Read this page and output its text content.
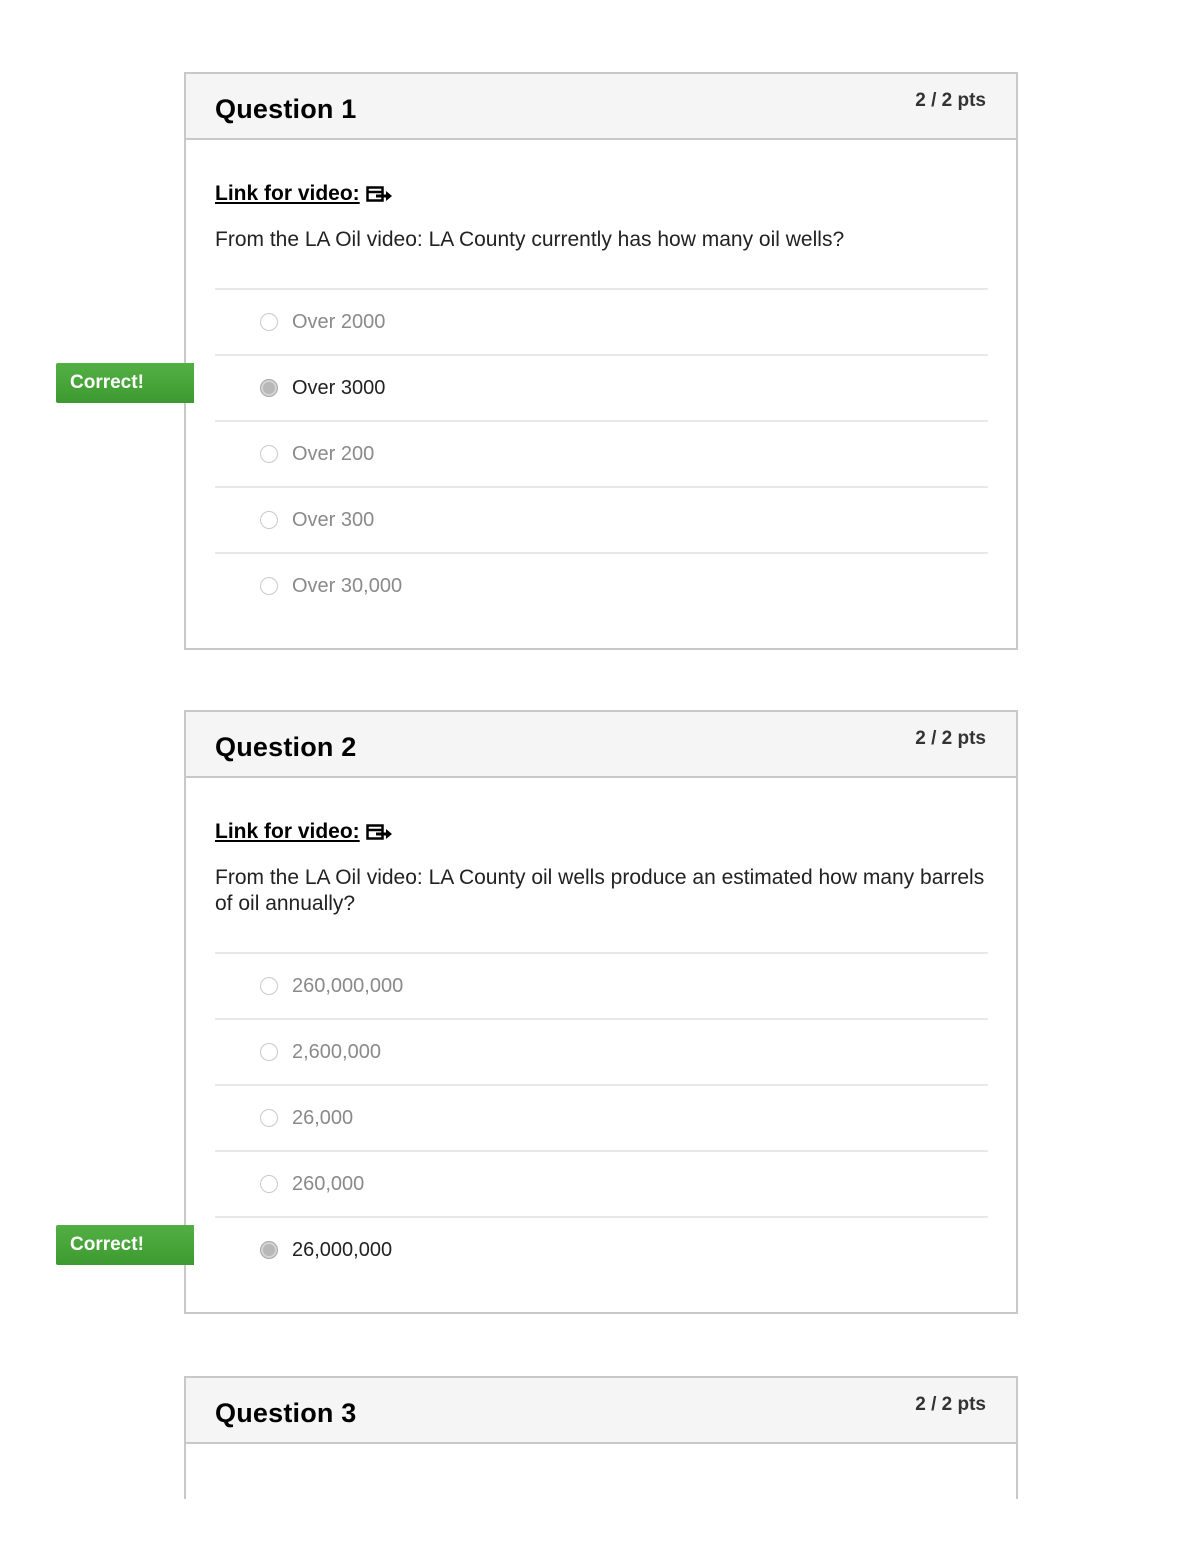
Question 1	2 / 2 pts
Link for video:
From the LA Oil video: LA County currently has how many oil wells?
Over 2000
Over 3000
Over 200
Over 300
Over 30,000
Correct!
Question 2	2 / 2 pts
Link for video:
From the LA Oil video: LA County oil wells produce an estimated how many barrels of oil annually?
260,000,000
2,600,000
26,000
260,000
26,000,000
Correct!
Question 3	2 / 2 pts
